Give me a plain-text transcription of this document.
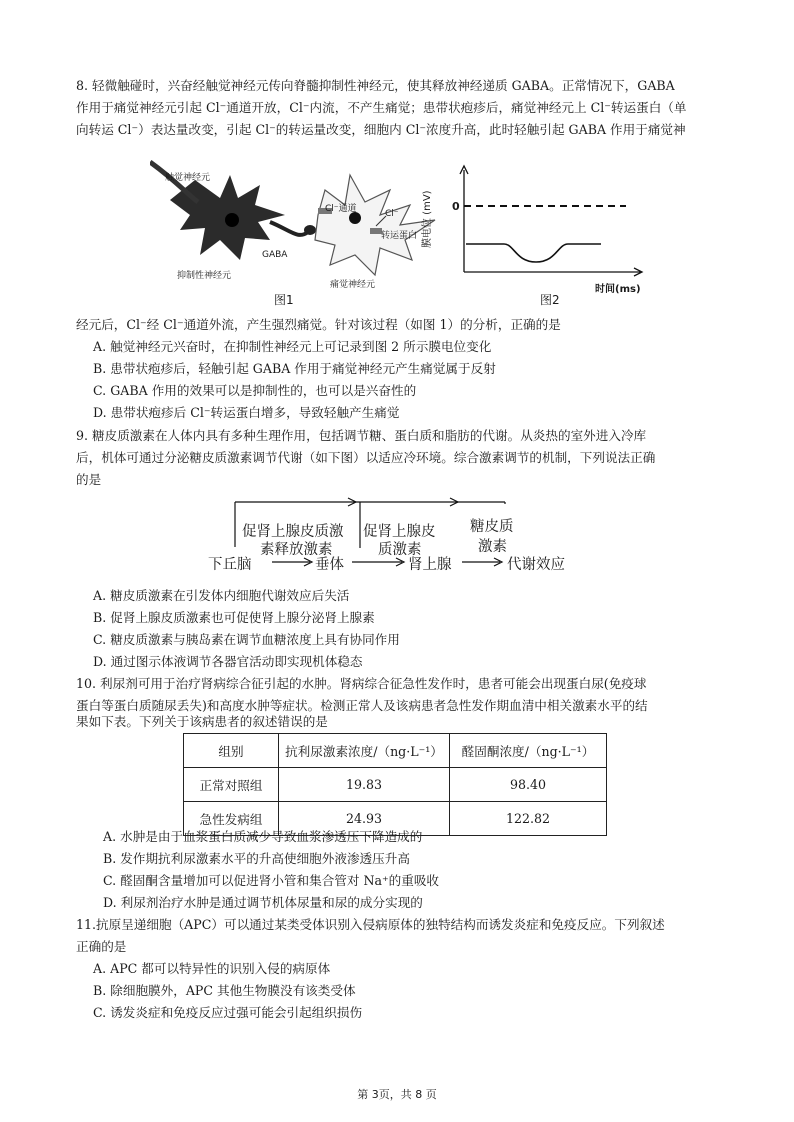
8. 轻微触碰时，兴奋经触觉神经元传向脊髓抑制性神经元，使其释放神经递质 GABA。正常情况下，GABA
作用于痛觉神经元引起 Cl⁻通道开放，Cl⁻内流，不产生痛觉；患带状疱疹后，痛觉神经元上 Cl⁻转运蛋白（单
向转运 Cl⁻）表达量改变，引起 Cl⁻的转运量改变，细胞内 Cl⁻浓度升高，此时轻触引起 GABA 作用于痛觉神
触觉神经元
抑制性神经元
痛觉神经元
Cl⁻通道	Cl⁻
转运蛋白
GABA
图1
0
膜电位 (mV)
时间(ms)
图2
经元后，Cl⁻经 Cl⁻通道外流，产生强烈痛觉。针对该过程（如图 1）的分析，正确的是
A. 触觉神经元兴奋时，在抑制性神经元上可记录到图 2 所示膜电位变化
B. 患带状疱疹后，轻触引起 GABA 作用于痛觉神经元产生痛觉属于反射
C. GABA 作用的效果可以是抑制性的，也可以是兴奋性的
D. 患带状疱疹后 Cl⁻转运蛋白增多，导致轻触产生痛觉
9. 糖皮质激素在人体内具有多种生理作用，包括调节糖、蛋白质和脂肪的代谢。从炎热的室外进入冷库
后，机体可通过分泌糖皮质激素调节代谢（如下图）以适应冷环境。综合激素调节的机制，下列说法正确
的是
促肾上腺皮质激
素释放激素
促肾上腺皮
质激素
糖皮质
激素
下丘脑	垂体	肾上腺	代谢效应
A. 糖皮质激素在引发体内细胞代谢效应后失活
B. 促肾上腺皮质激素也可促使肾上腺分泌肾上腺素
C. 糖皮质激素与胰岛素在调节血糖浓度上具有协同作用
D. 通过图示体液调节各器官活动即实现机体稳态
10. 利尿剂可用于治疗肾病综合征引起的水肿。肾病综合征急性发作时，患者可能会出现蛋白尿(免疫球
蛋白等蛋白质随尿丢失)和高度水肿等症状。检测正常人及该病患者急性发作期血清中相关激素水平的结
果如下表。下列关于该病患者的叙述错误的是
组别	抗利尿激素浓度/（ng·L⁻¹）	醛固酮浓度/（ng·L⁻¹）
正常对照组	19.83	98.40
急性发病组	24.93	122.82
A. 水肿是由于血浆蛋白质减少导致血浆渗透压下降造成的
B. 发作期抗利尿激素水平的升高使细胞外液渗透压升高
C. 醛固酮含量增加可以促进肾小管和集合管对 Na⁺的重吸收
D. 利尿剂治疗水肿是通过调节机体尿量和尿的成分实现的
11.抗原呈递细胞（APC）可以通过某类受体识别入侵病原体的独特结构而诱发炎症和免疫反应。下列叙述
正确的是
A. APC 都可以特异性的识别入侵的病原体
B. 除细胞膜外，APC 其他生物膜没有该类受体
C. 诱发炎症和免疫反应过强可能会引起组织损伤
第 3页，共 8 页
